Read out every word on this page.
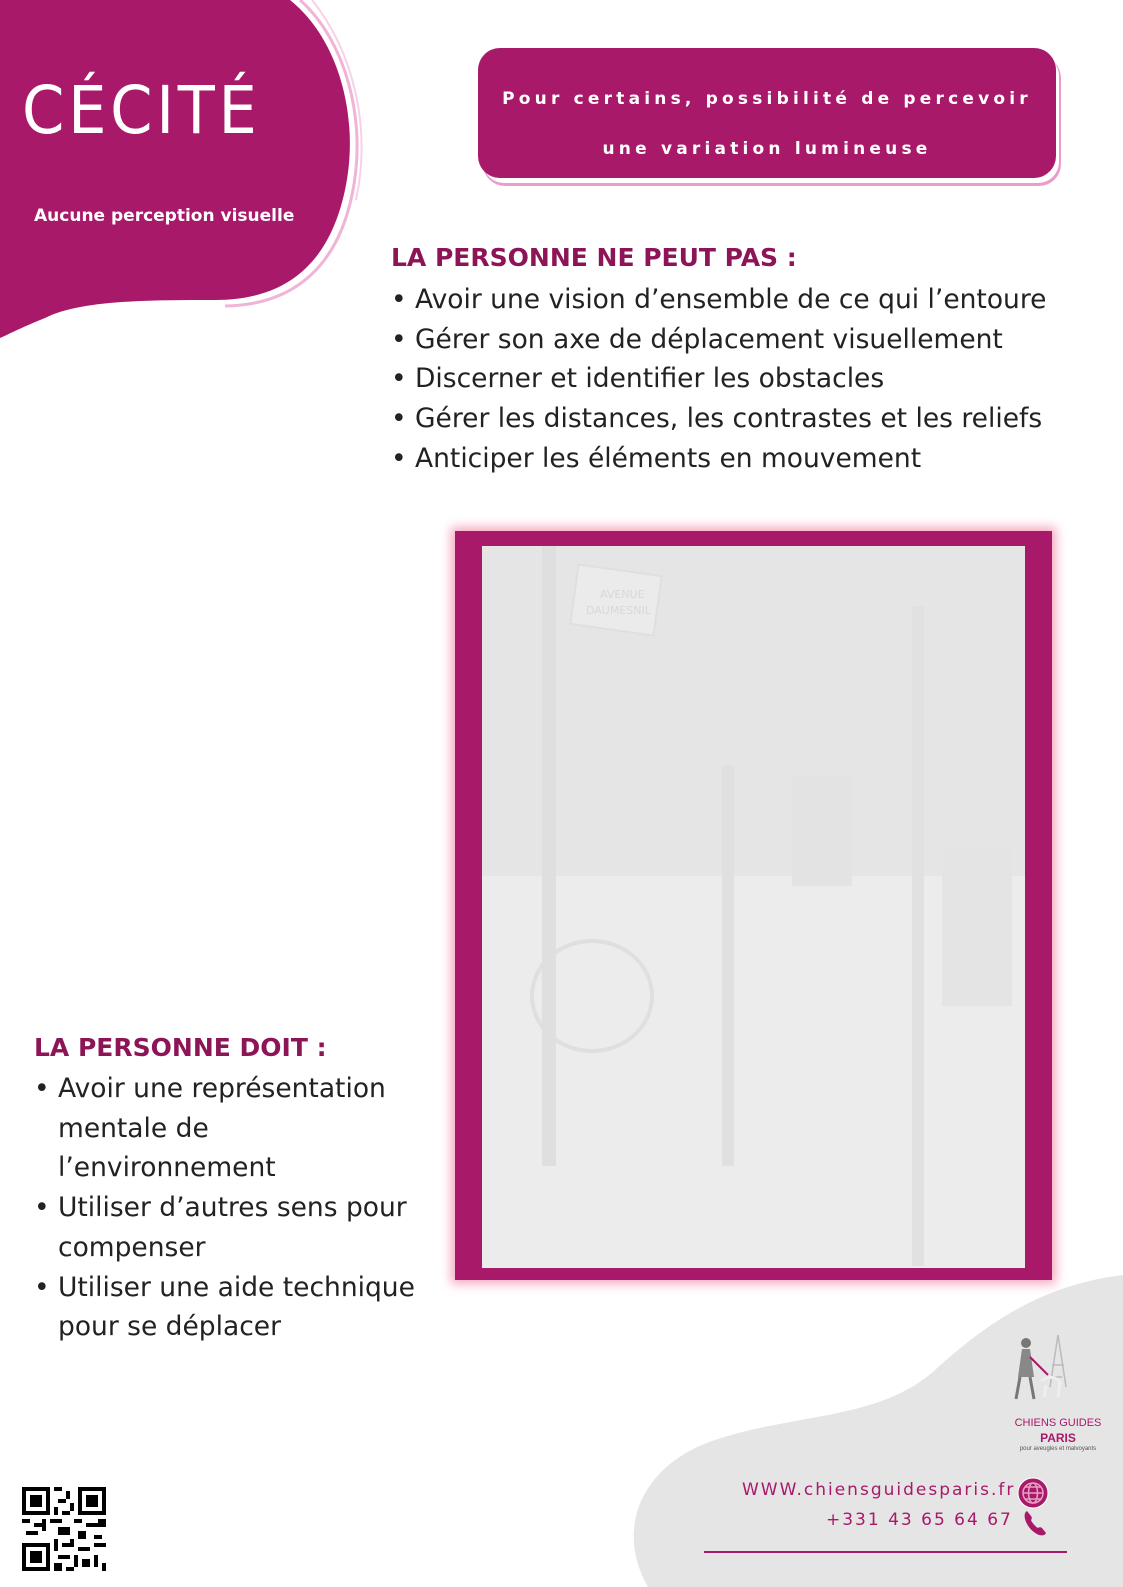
CÉCITÉ
Aucune perception visuelle
Pour certains, possibilité de percevoir
une variation lumineuse
LA PERSONNE NE PEUT PAS :
• Avoir une vision d’ensemble de ce qui l’entoure
• Gérer son axe de déplacement visuellement
• Discerner et identifier les obstacles
• Gérer les distances, les contrastes et les reliefs
• Anticiper les éléments en mouvement
AVENUE
DAUMESNIL
LA PERSONNE DOIT :
• Avoir une représentation mentale de l’environnement
• Utiliser d’autres sens pour compenser
• Utiliser une aide technique pour se déplacer
CHIENS GUIDES
PARIS
pour aveugles et malvoyants
WWW.chiensguidesparis.fr
+331 43 65 64 67
